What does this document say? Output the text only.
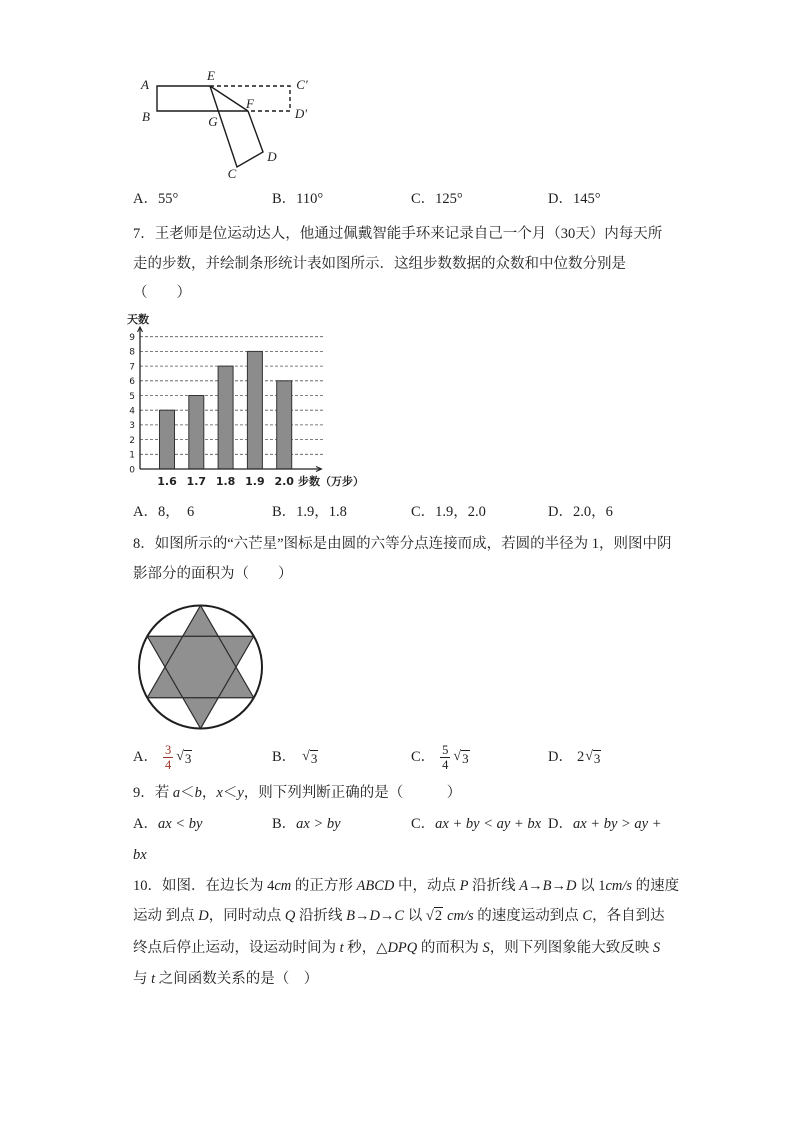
A
E
C′
B	G
F
D′
D
C
A．55°	B．110°	C．125°	D．145°
7．王老师是位运动达人，他通过佩戴智能手环来记录自己一个月（30天）内每天所
走的步数，并绘制条形统计表如图所示．这组步数数据的众数和中位数分别是
（　　）
天数
步数（万步）
0
1
2
3
4
5
6
7
8
9
1.6 1.7 1.8 1.9 2.0
A．8，  6	B．1.9，1.8	C．1.9，2.0	D．2.0，6
8．如图所示的“六芒星”图标是由圆的六等分点连接而成，若圆的半径为 1，则图中阴
影部分的面积为（　　）
A． $\frac{3}{4}$ √ 3	B． √ 3	C． $\frac{5}{4}$ √ 3	D． 2 √ 3
9．若 a＜b，x＜y，则下列判断正确的是（　　　）
A．ax < by	B．ax > by	C．ax + by < ay + bx D．ax + by > ay +
bx
10．如图．在边长为 4cm 的正方形 ABCD 中，动点 P 沿折线 A→B→D 以 1cm/s 的速度
运动 到点 D，同时动点 Q 沿折线 B→D→C 以 √2 cm/s 的速度运动到点 C，各自到达
终点后停止运动，设运动时间为 t 秒，△DPQ 的而积为 S，则下列图象能大致反映 S
与 t 之间函数关系的是（　）
